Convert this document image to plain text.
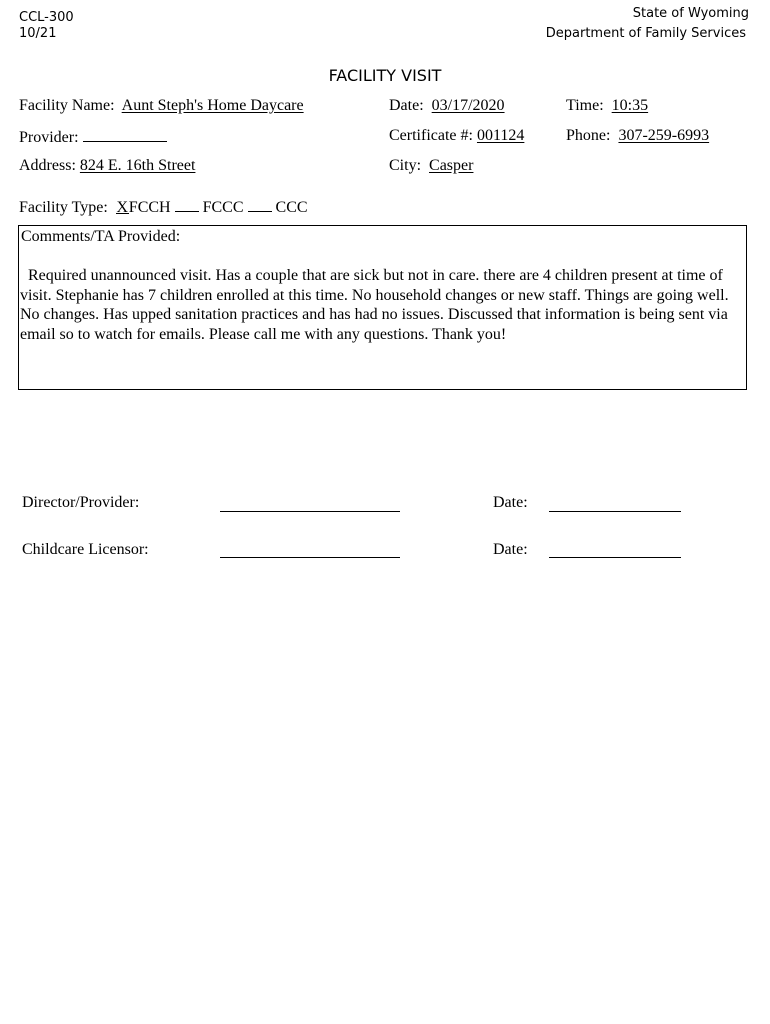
CCL-300
10/21
State of Wyoming
Department of Family Services
FACILITY VISIT
Facility Name: Aunt Steph's Home Daycare	Date: 03/17/2020	Time: 10:35
Provider:	Certificate #: 001124	Phone: 307-259-6993
Address: 824 E. 16th Street	City: Casper
Facility Type: XFCCH FCCC CCC
Comments/TA Provided:
Required unannounced visit. Has a couple that are sick but not in care. there are 4 children present at time of visit. Stephanie has 7 children enrolled at this time. No household changes or new staff. Things are going well. No changes. Has upped sanitation practices and has had no issues. Discussed that information is being sent via email so to watch for emails. Please call me with any questions. Thank you!
Director/Provider:	Date:
Childcare Licensor:	Date:
